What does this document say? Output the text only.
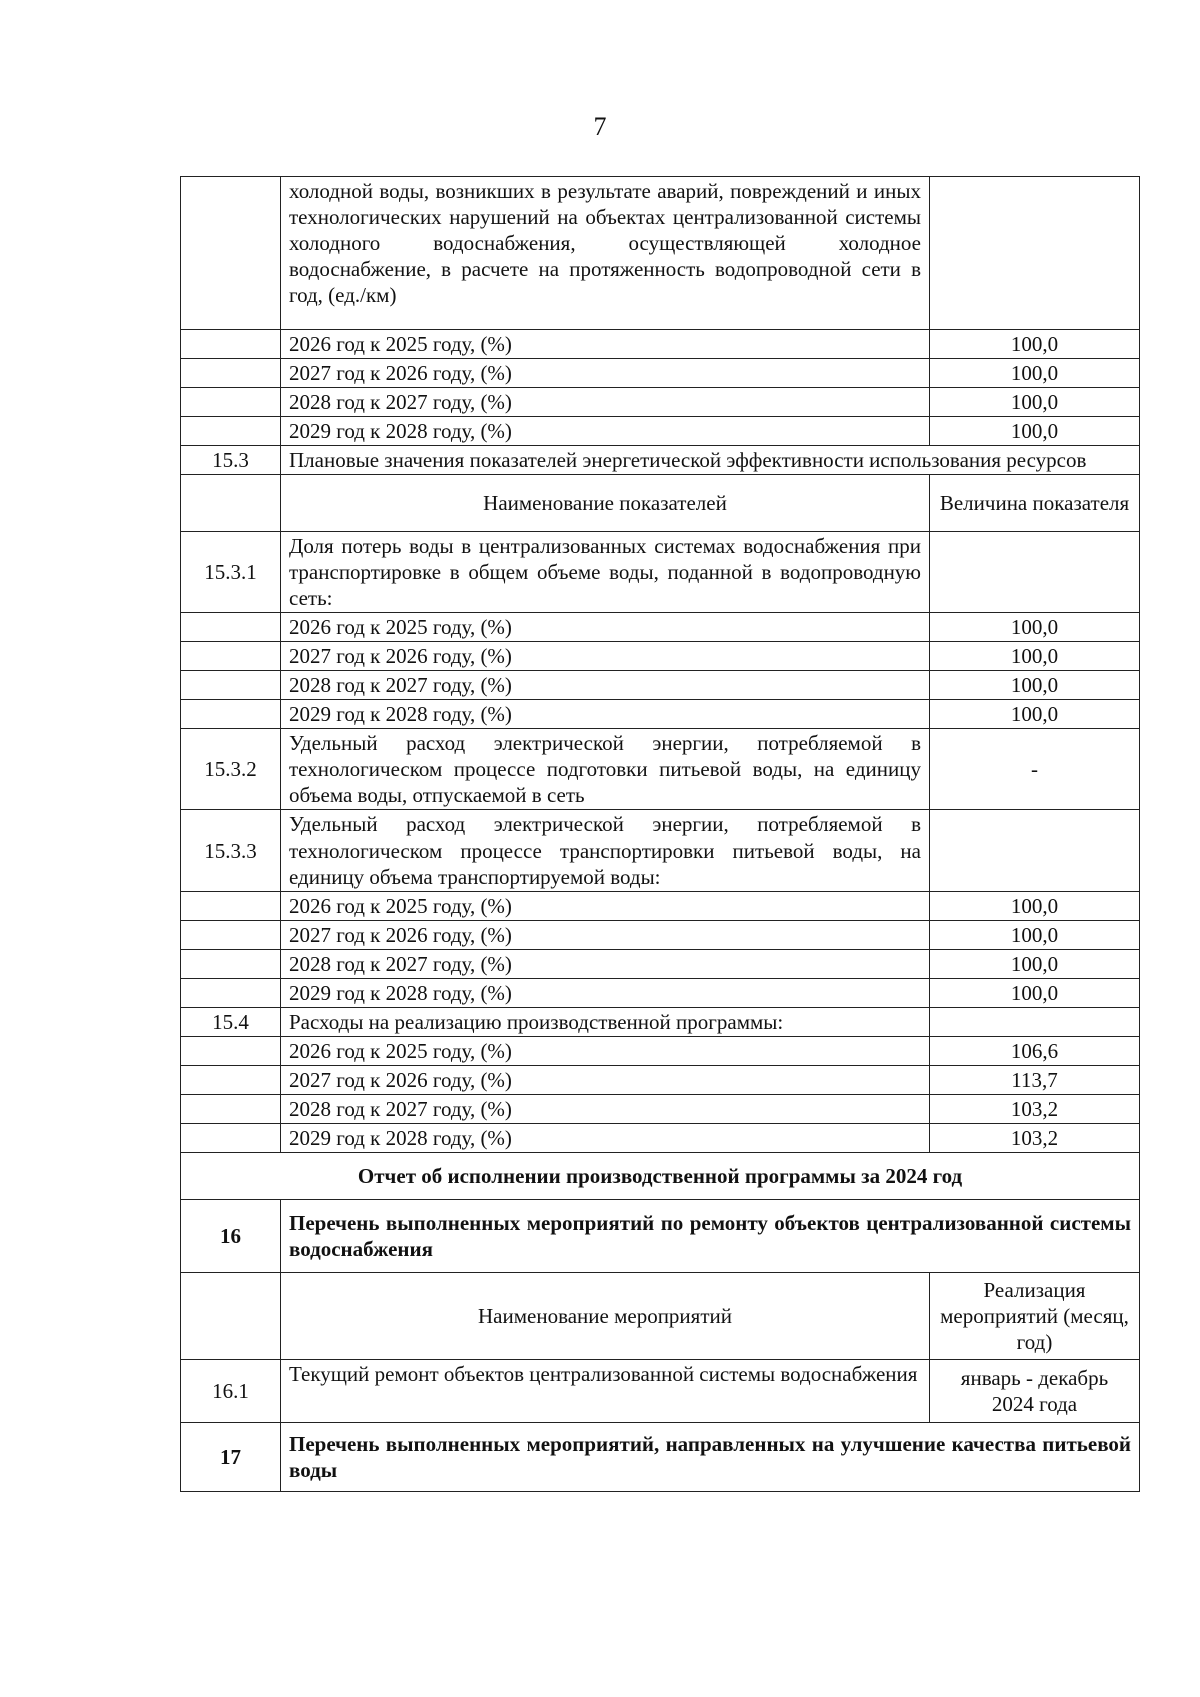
7
	холодной воды, возникших в результате аварий, повреждений и иных технологических нарушений на объектах централизованной системы холодного водоснабжения, осуществляющей холодное водоснабжение, в расчете на протяженность водопроводной сети в год, (ед./км)	
	2026 год к 2025 году, (%)	100,0
	2027 год к 2026 году, (%)	100,0
	2028 год к 2027 году, (%)	100,0
	2029 год к 2028 году, (%)	100,0
15.3	Плановые значения показателей энергетической эффективности использования ресурсов	
	Наименование показателей	Величина показателя
15.3.1	Доля потерь воды в централизованных системах водоснабжения при транспортировке в общем объеме воды, поданной в водопроводную сеть:	
	2026 год к 2025 году, (%)	100,0
	2027 год к 2026 году, (%)	100,0
	2028 год к 2027 году, (%)	100,0
	2029 год к 2028 году, (%)	100,0
15.3.2	Удельный расход электрической энергии, потребляемой в технологическом процессе подготовки питьевой воды, на единицу объема воды, отпускаемой в сеть	-
15.3.3	Удельный расход электрической энергии, потребляемой в технологическом процессе транспортировки питьевой воды, на единицу объема транспортируемой воды:	
	2026 год к 2025 году, (%)	100,0
	2027 год к 2026 году, (%)	100,0
	2028 год к 2027 году, (%)	100,0
	2029 год к 2028 году, (%)	100,0
15.4	Расходы на реализацию производственной программы:	
	2026 год к 2025 году, (%)	106,6
	2027 год к 2026 году, (%)	113,7
	2028 год к 2027 году, (%)	103,2
	2029 год к 2028 году, (%)	103,2
Отчет об исполнении производственной программы за 2024 год		
16	Перечень выполненных мероприятий по ремонту объектов централизованной системы водоснабжения	
	Наименование мероприятий	Реализация мероприятий (месяц, год)
16.1	Текущий ремонт объектов централизованной системы водоснабжения	январь - декабрь 2024 года
17	Перечень выполненных мероприятий, направленных на улучшение качества питьевой воды	
